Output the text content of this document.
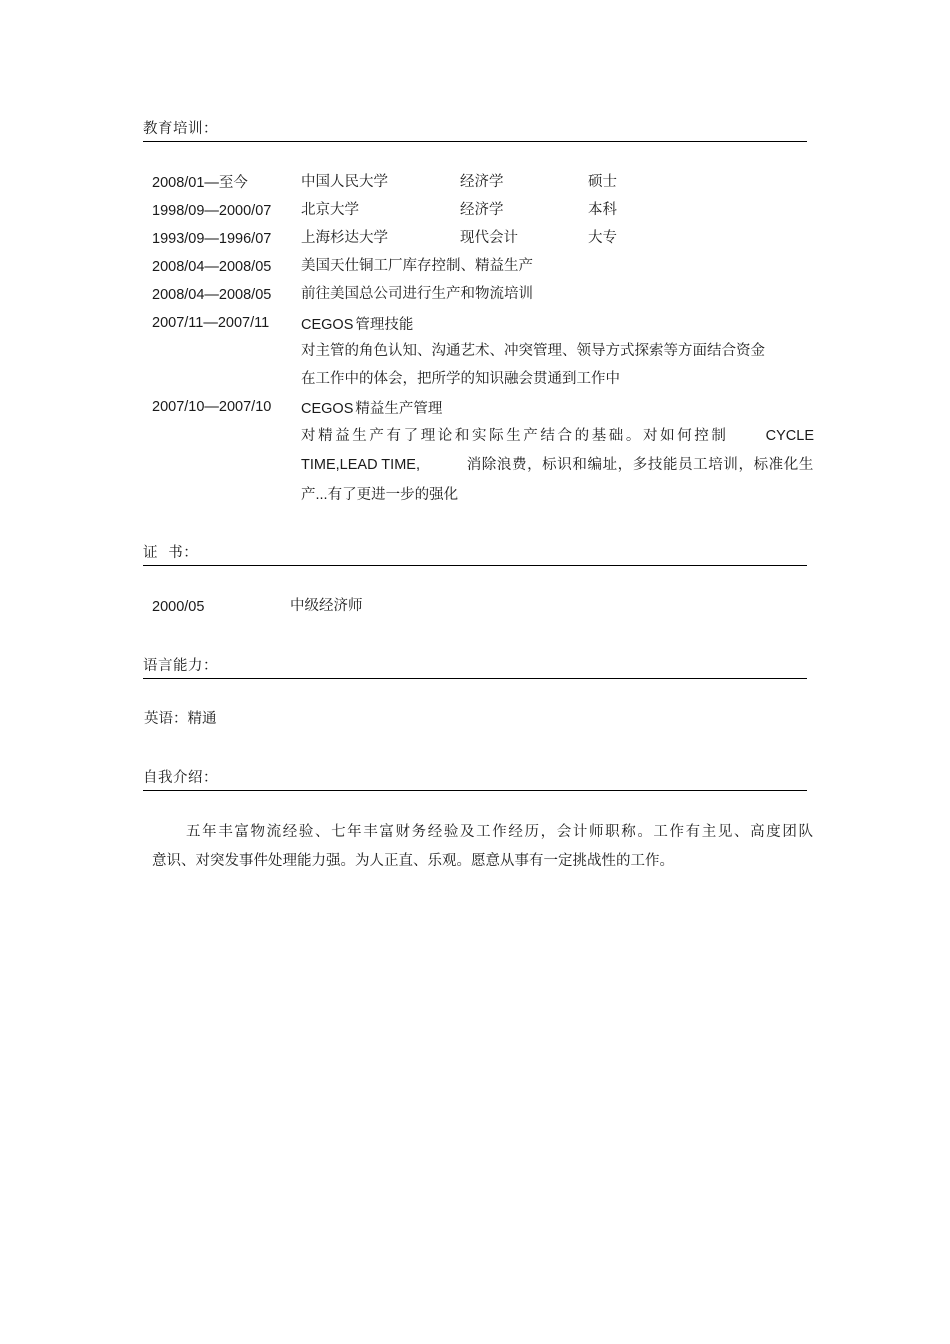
教育培训：
2008/01—至今	中国人民大学	经济学	硕士
1998/09—2000/07 北京大学	经济学	本科
1993/09—1996/07 上海杉达大学	现代会计	大专
2008/04—2008/05 美国天仕铜工厂库存控制、精益生产
2008/04—2008/05 前往美国总公司进行生产和物流培训
2007/11—2007/11 CEGOS 管理技能
对主管的角色认知、沟通艺术、冲突管理、领导方式探索等方面结合资金
在工作中的体会，把所学的知识融会贯通到工作中
2007/10—2007/10 CEGOS 精益生产管理
对精益生产有了理论和实际生产结合的基础。对如何控制	CYCLE
TIME,LEAD TIME,	消除浪费，标识和编址，多技能员工培训，标准化生
产...有了更进一步的强化
证  书：
2000/05	中级经济师
语言能力：
英语：精通
自我介绍：
五年丰富物流经验、七年丰富财务经验及工作经历，会计师职称。工作有主见、高度团队
意识、对突发事件处理能力强。为人正直、乐观。愿意从事有一定挑战性的工作。
